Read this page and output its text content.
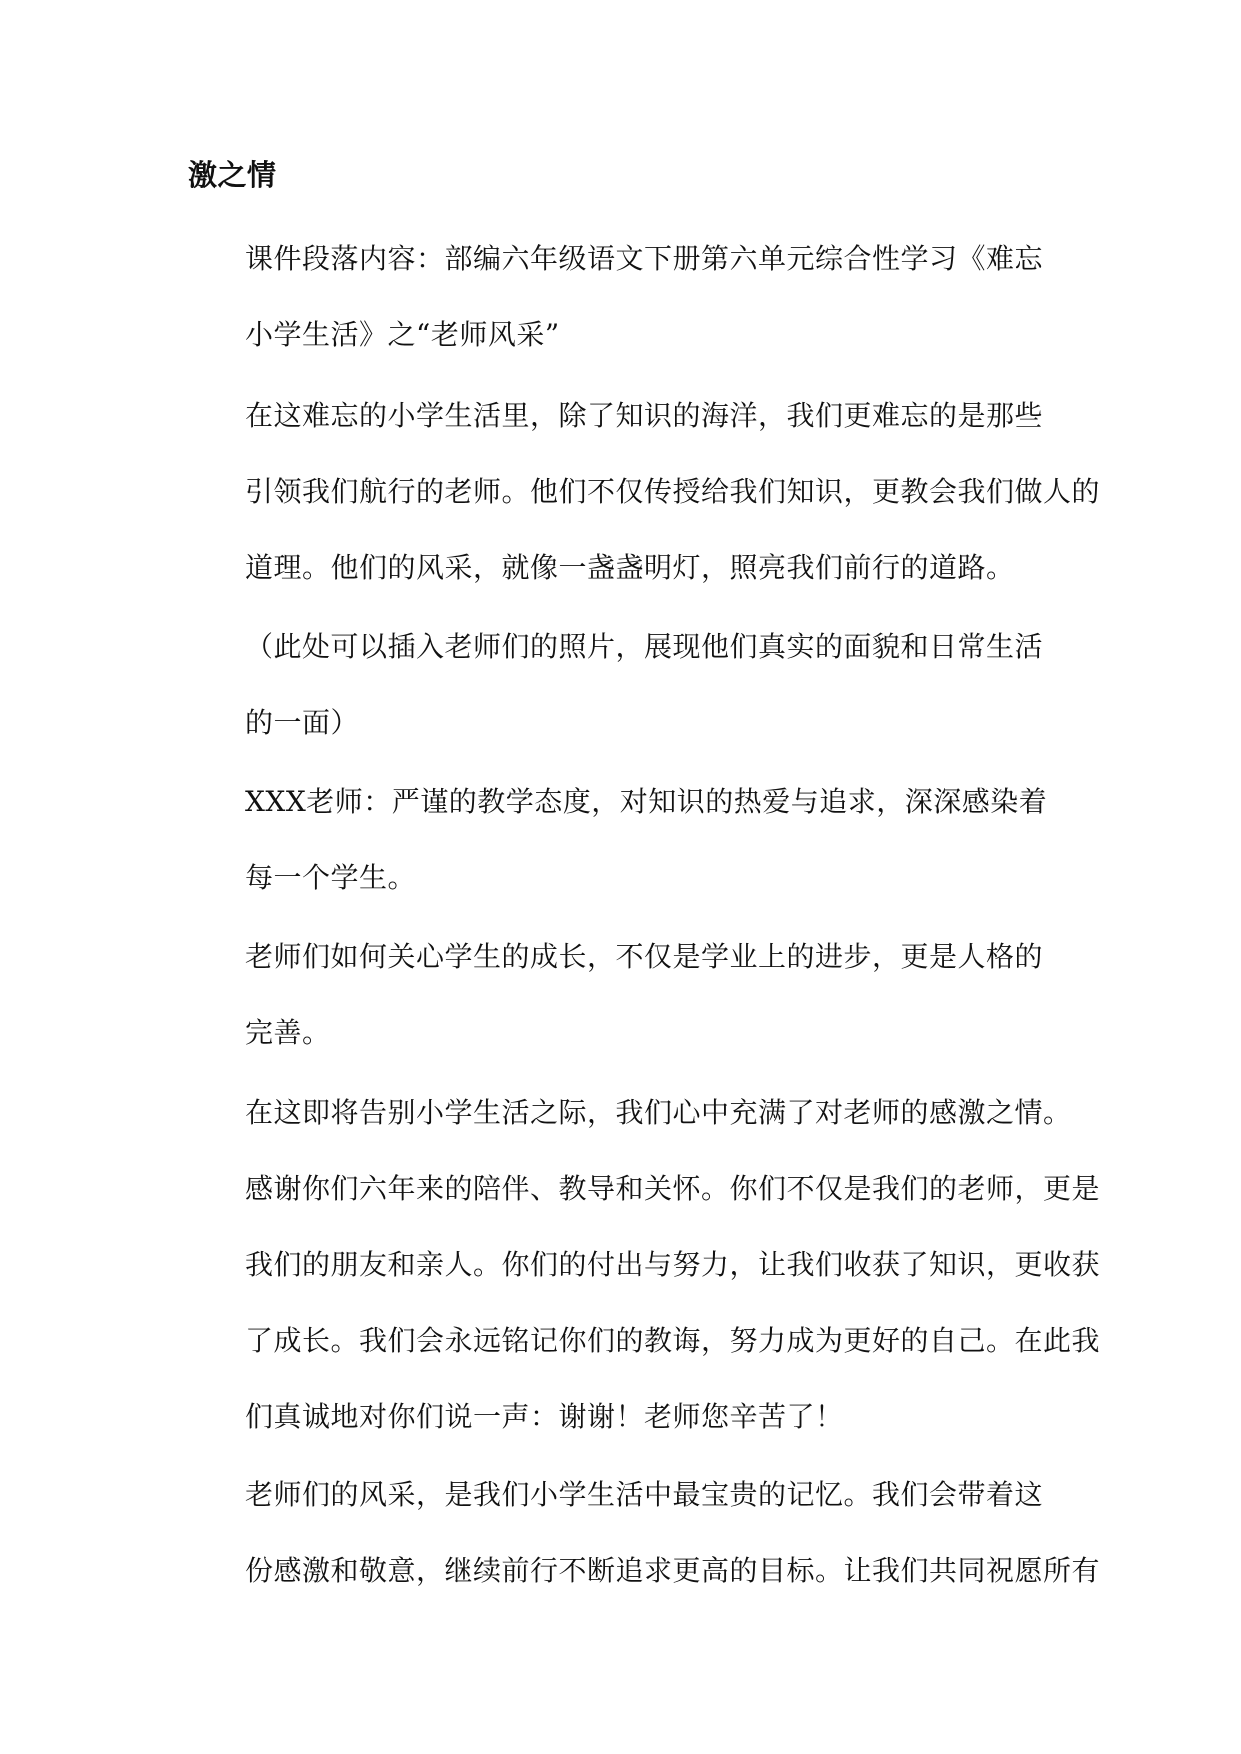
激之情

课件段落内容：部编六年级语文下册第六单元综合性学习《难忘
小学生活》之“老师风采”

在这难忘的小学生活里，除了知识的海洋，我们更难忘的是那些
引领我们航行的老师。他们不仅传授给我们知识，更教会我们做人的
道理。他们的风采，就像一盏盏明灯，照亮我们前行的道路。

（此处可以插入老师们的照片，展现他们真实的面貌和日常生活
的一面）

XXX老师：严谨的教学态度，对知识的热爱与追求，深深感染着
每一个学生。

老师们如何关心学生的成长，不仅是学业上的进步，更是人格的
完善。

在这即将告别小学生活之际，我们心中充满了对老师的感激之情。
感谢你们六年来的陪伴、教导和关怀。你们不仅是我们的老师，更是
我们的朋友和亲人。你们的付出与努力，让我们收获了知识，更收获
了成长。我们会永远铭记你们的教诲，努力成为更好的自己。在此我
们真诚地对你们说一声：谢谢！老师您辛苦了！

老师们的风采，是我们小学生活中最宝贵的记忆。我们会带着这
份感激和敬意，继续前行不断追求更高的目标。让我们共同祝愿所有
